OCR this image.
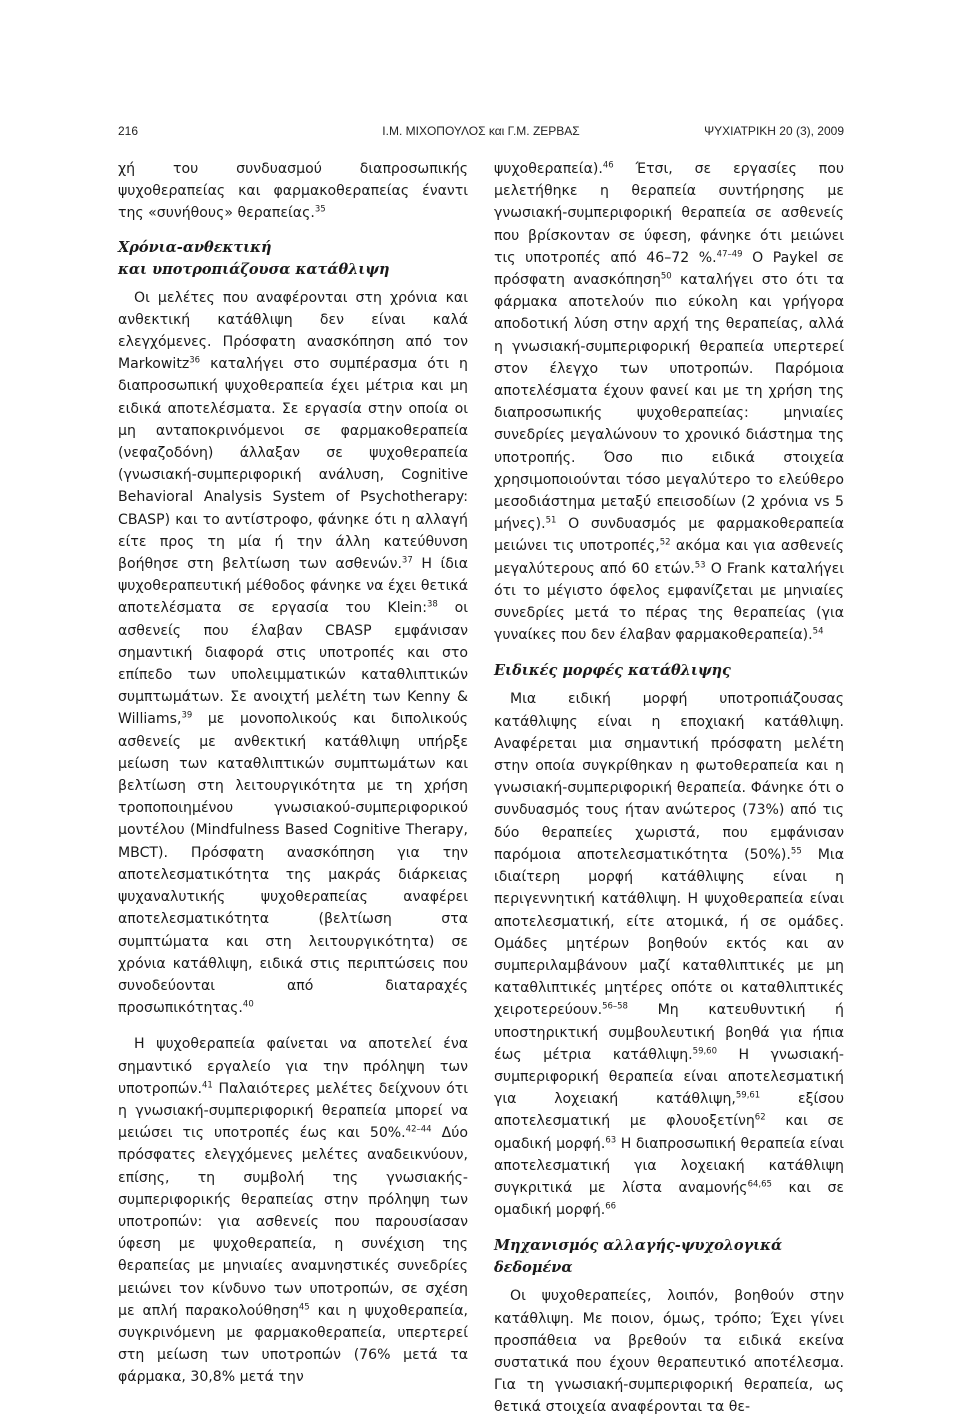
216	Ι.Μ. ΜΙΧΟΠΟΥΛΟΣ και Γ.Μ. ΖΕΡΒΑΣ	ΨΥΧΙΑΤΡΙΚΗ 20 (3), 2009

χή του συνδυασμού διαπροσωπικής ψυχοθεραπείας και φαρμακοθεραπείας έναντι της «συνήθους» θεραπείας.$^{35}$

Χρόνια-ανθεκτική
και υποτροπιάζουσα κατάθλιψη

Οι μελέτες που αναφέρονται στη χρόνια και ανθεκτική κατάθλιψη δεν είναι καλά ελεγχόμενες. Πρόσφατη ανασκόπηση από τον Markowitz$^{36}$ καταλήγει στο συμπέρασμα ότι η διαπροσωπική ψυχοθεραπεία έχει μέτρια και μη ειδικά αποτελέσματα. Σε εργασία στην οποία οι μη ανταποκρινόμενοι σε φαρμακοθεραπεία (νεφαζοδόνη) άλλαξαν σε ψυχοθεραπεία (γνωσιακή-συμπεριφορική ανάλυση, Cognitive Behavioral Analysis System of Psychotherapy: CBASP) και το αντίστροφο, φάνηκε ότι η αλλαγή είτε προς τη μία ή την άλλη κατεύθυνση βοήθησε στη βελτίωση των ασθενών.$^{37}$ Η ίδια ψυχοθεραπευτική μέθοδος φάνηκε να έχει θετικά αποτελέσματα σε εργασία του Klein:$^{38}$ οι ασθενείς που έλαβαν CBASP εμφάνισαν σημαντική διαφορά στις υποτροπές και στο επίπεδο των υπολειμματικών καταθλιπτικών συμπτωμάτων. Σε ανοιχτή μελέτη των Kenny & Williams,$^{39}$ με μονοπολικούς και διπολικούς ασθενείς με ανθεκτική κατάθλιψη υπήρξε μείωση των καταθλιπτικών συμπτωμάτων και βελτίωση στη λειτουργικότητα με τη χρήση τροποποιημένου γνωσιακού-συμπεριφορικού μοντέλου (Mindfulness Based Cognitive Therapy, MBCT). Πρόσφατη ανασκόπηση για την αποτελεσματικότητα της μακράς διάρκειας ψυχαναλυτικής ψυχοθεραπείας αναφέρει αποτελεσματικότητα (βελτίωση στα συμπτώματα και στη λειτουργικότητα) σε χρόνια κατάθλιψη, ειδικά στις περιπτώσεις που συνοδεύονται από διαταραχές προσωπικότητας.$^{40}$

Η ψυχοθεραπεία φαίνεται να αποτελεί ένα σημαντικό εργαλείο για την πρόληψη των υποτροπών.$^{41}$ Παλαιότερες μελέτες δείχνουν ότι η γνωσιακή-συμπεριφορική θεραπεία μπορεί να μειώσει τις υποτροπές έως και 50%.$^{42-44}$ Δύο πρόσφατες ελεγχόμενες μελέτες αναδεικνύουν, επίσης, τη συμβολή της γνωσιακής-συμπεριφορικής θεραπείας στην πρόληψη των υποτροπών: για ασθενείς που παρουσίασαν ύφεση με ψυχοθεραπεία, η συνέχιση της θεραπείας με μηνιαίες αναμνηστικές συνεδρίες μειώνει τον κίνδυνο των υποτροπών, σε σχέση με απλή παρακολούθηση$^{45}$ και η ψυχοθεραπεία, συγκρινόμενη με φαρμακοθεραπεία, υπερτερεί στη μείωση των υποτροπών (76% μετά τα φάρμακα, 30,8% μετά την

ψυχοθεραπεία).$^{46}$ Έτσι, σε εργασίες που μελετήθηκε η θεραπεία συντήρησης με γνωσιακή-συμπεριφορική θεραπεία σε ασθενείς που βρίσκονταν σε ύφεση, φάνηκε ότι μειώνει τις υποτροπές από 46–72 %.$^{47-49}$ O Paykel σε πρόσφατη ανασκόπηση$^{50}$ καταλήγει στο ότι τα φάρμακα αποτελούν πιο εύκολη και γρήγορα αποδοτική λύση στην αρχή της θεραπείας, αλλά η γνωσιακή-συμπεριφορική θεραπεία υπερτερεί στον έλεγχο των υποτροπών. Παρόμοια αποτελέσματα έχουν φανεί και με τη χρήση της διαπροσωπικής ψυχοθεραπείας: μηνιαίες συνεδρίες μεγαλώνουν το χρονικό διάστημα της υποτροπής. Όσο πιο ειδικά στοιχεία χρησιμοποιούνται τόσο μεγαλύτερο το ελεύθερο μεσοδιάστημα μεταξύ επεισοδίων (2 χρόνια vs 5 μήνες).$^{51}$ Ο συνδυασμός με φαρμακοθεραπεία μειώνει τις υποτροπές,$^{52}$ ακόμα και για ασθενείς μεγαλύτερους από 60 ετών.$^{53}$ O Frank καταλήγει ότι το μέγιστο όφελος εμφανίζεται με μηνιαίες συνεδρίες μετά το πέρας της θεραπείας (για γυναίκες που δεν έλαβαν φαρμακοθεραπεία).$^{54}$

Ειδικές μορφές κατάθλιψης

Μια ειδική μορφή υποτροπιάζουσας κατάθλιψης είναι η εποχιακή κατάθλιψη. Αναφέρεται μια σημαντική πρόσφατη μελέτη στην οποία συγκρίθηκαν η φωτοθεραπεία και η γνωσιακή-συμπεριφορική θεραπεία. Φάνηκε ότι ο συνδυασμός τους ήταν ανώτερος (73%) από τις δύο θεραπείες χωριστά, που εμφάνισαν παρόμοια αποτελεσματικότητα (50%).$^{55}$ Μια ιδιαίτερη μορφή κατάθλιψης είναι η περιγεννητική κατάθλιψη. Η ψυχοθεραπεία είναι αποτελεσματική, είτε ατομικά, ή σε ομάδες. Ομάδες μητέρων βοηθούν εκτός και αν συμπεριλαμβάνουν μαζί καταθλιπτικές με μη καταθλιπτικές μητέρες οπότε οι καταθλιπτικές χειροτερεύουν.$^{56-58}$ Μη κατευθυντική ή υποστηρικτική συμβουλευτική βοηθά για ήπια έως μέτρια κατάθλιψη.$^{59,60}$ Η γνωσιακή-συμπεριφορική θεραπεία είναι αποτελεσματική για λοχειακή κατάθλιψη,$^{59,61}$ εξίσου αποτελεσματική με φλουοξετίνη$^{62}$ και σε ομαδική μορφή.$^{63}$ Η διαπροσωπική θεραπεία είναι αποτελεσματική για λοχειακή κατάθλιψη συγκριτικά με λίστα αναμονής$^{64,65}$ και σε ομαδική μορφή.$^{66}$

Μηχανισμός αλλαγής-ψυχολογικά δεδομένα

Οι ψυχοθεραπείες, λοιπόν, βοηθούν στην κατάθλιψη. Με ποιον, όμως, τρόπο; Έχει γίνει προσπάθεια να βρεθούν τα ειδικά εκείνα συστατικά που έχουν θεραπευτικό αποτέλεσμα. Για τη γνωσιακή-συμπεριφορική θεραπεία, ως θετικά στοιχεία αναφέρονται τα θε-
